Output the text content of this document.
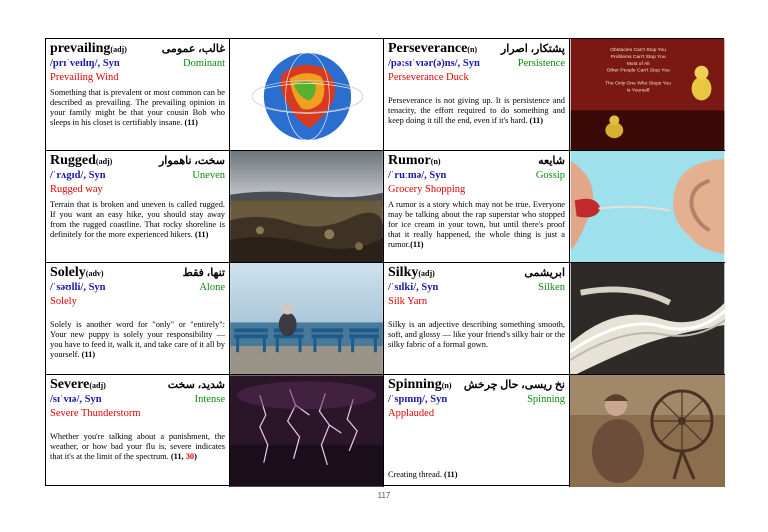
prevailing(adj)	غالب، عمومی
/prɪˈveɪlɪŋ/, Syn	Dominant
Prevailing Wind
Something that is prevalent or most common can be described as prevailing. The prevailing opinion in your family might be that your cousin Bob who sleeps in his closet is certifiably insane. (11)
Perseverance(n) پشتکار، اصرار
/pə:sɪˈvɪər(ə)ns/, Syn	Persistence
Perseverance Duck
Perseverance is not giving up. It is persistence and tenacity, the effort required to do something and keep doing it till the end, even if it's hard. (11)
Obstacles Can't Stop You
Problems Can't Stop You
Most of All
Other People Can't Stop You
The Only One Who Stops You
Is Yourself
Rugged(adj)	سخت، ناهموار
/ˈrʌgɪd/, Syn	Uneven
Rugged way
Terrain that is broken and uneven is called rugged. If you want an easy hike, you should stay away from the rugged coastline. That rocky shoreline is definitely for the more experienced hikers. (11)
Rumor(n)	شایعه
/ˈruːmə/, Syn	Gossip
Grocery Shopping
A rumor is a story which may not be true. Everyone may be talking about the rap superstar who stopped for ice cream in your town, but until there's proof that it really happened, the whole thing is just a rumor.(11)
Solely(adv)	تنها، فقط
/ˈsəʊlli/, Syn	Alone
Solely
Solely is another word for "only" or "entirely": Your new puppy is solely your responsibility — you have to feed it, walk it, and take care of it all by yourself. (11)
Silky(adj)	ابریشمی
/ˈsɪlki/, Syn	Silken
Silk Yarn
Silky is an adjective describing something smooth, soft, and glossy — like your friend's silky hair or the silky fabric of a formal gown.
Severe(adj)	شدید، سخت
/sɪˈvɪə/, Syn	Intense
Severe Thunderstorm
Whether you're talking about a punishment, the weather, or how bad your flu is, severe indicates that it's at the limit of the spectrum. (11, 30)
Spinning(n) نخ ریسی، حال چرخش
/ˈspɪnɪŋ/, Syn	Spinning
Applauded
Creating thread. (11)
117
